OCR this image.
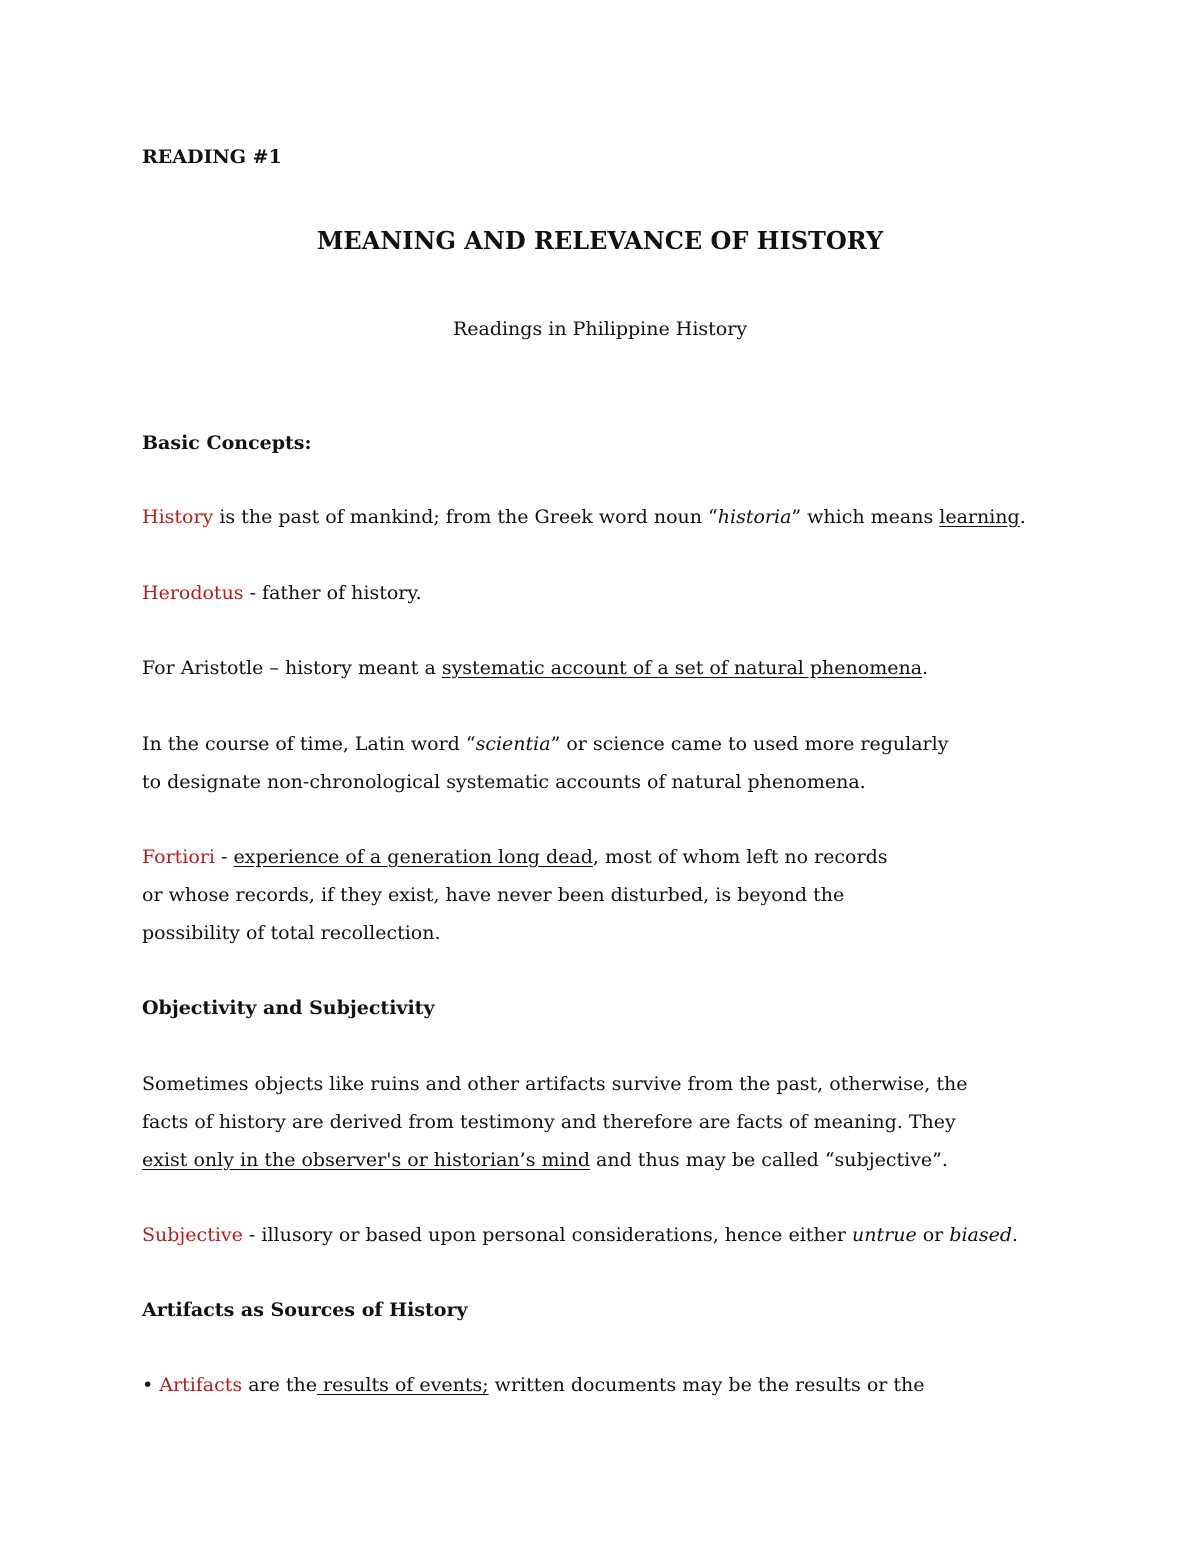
READING #1

MEANING AND RELEVANCE OF HISTORY

Readings in Philippine History

Basic Concepts:

History is the past of mankind; from the Greek word noun “historia” which means learning.

Herodotus - father of history.

For Aristotle – history meant a systematic account of a set of natural phenomena.

In the course of time, Latin word “scientia” or science came to used more regularly

to designate non-chronological systematic accounts of natural phenomena.

Fortiori - experience of a generation long dead, most of whom left no records

or whose records, if they exist, have never been disturbed, is beyond the

possibility of total recollection.

Objectivity and Subjectivity

Sometimes objects like ruins and other artifacts survive from the past, otherwise, the

facts of history are derived from testimony and therefore are facts of meaning. They

exist only in the observer's or historian’s mind and thus may be called “subjective”.

Subjective - illusory or based upon personal considerations, hence either untrue or biased.

Artifacts as Sources of History

• Artifacts are the results of events; written documents may be the results or the
